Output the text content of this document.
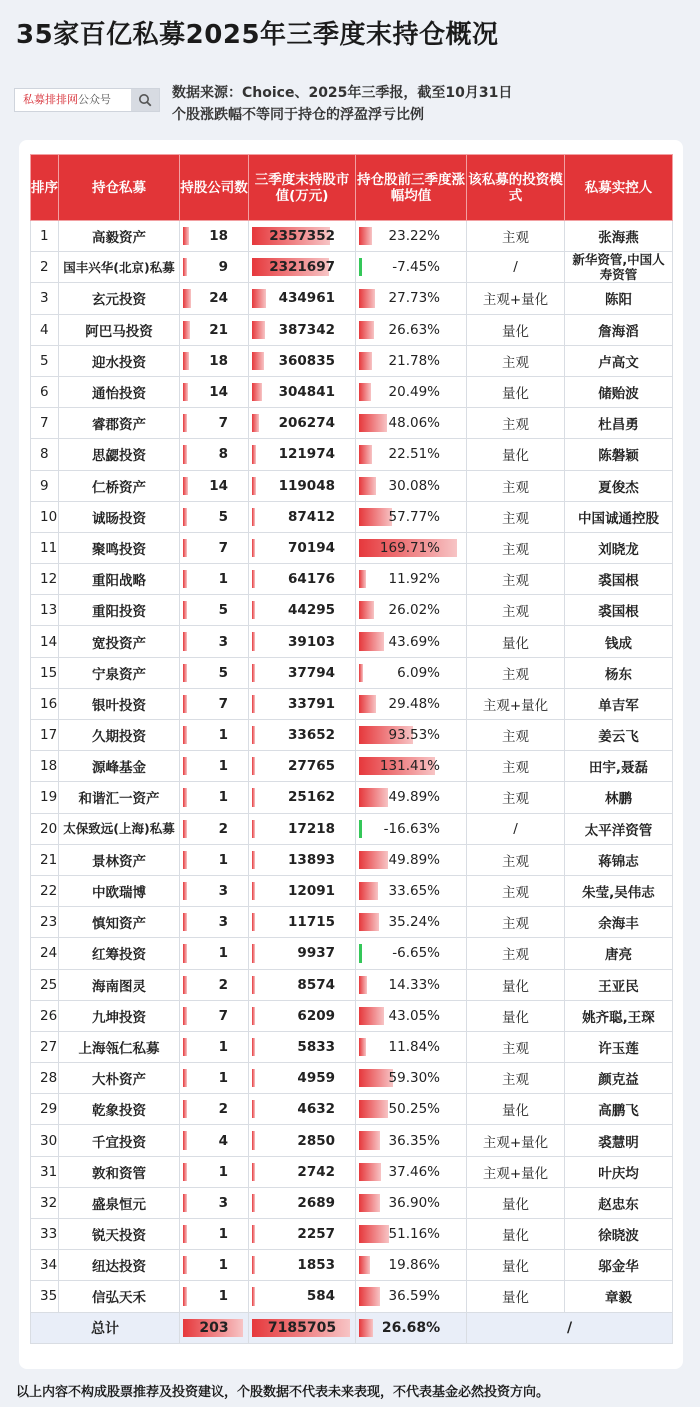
35家百亿私募2025年三季度末持仓概况
私募排排网公众号	数据来源：Choice、2025年三季报，截至10月31日
个股涨跌幅不等同于持仓的浮盈浮亏比例
排序	持仓私募	持股公司数	三季度末持股市值(万元)	持仓股前三季度涨幅均值	该私募的投资模式	私募实控人
1	高毅资产	18	2357352	23.22%	主观	张海燕
2	国丰兴华(北京)私募	9	2321697	-7.45%	/	新华资管,中国人寿资管
3	玄元投资	24	434961	27.73%	主观+量化	陈阳
4	阿巴马投资	21	387342	26.63%	量化	詹海滔
5	迎水投资	18	360835	21.78%	主观	卢高文
6	通怡投资	14	304841	20.49%	量化	储贻波
7	睿郡资产	7	206274	48.06%	主观	杜昌勇
8	思勰投资	8	121974	22.51%	量化	陈磐颖
9	仁桥资产	14	119048	30.08%	主观	夏俊杰
10	诚旸投资	5	87412	57.77%	主观	中国诚通控股
11	聚鸣投资	7	70194	169.71%	主观	刘晓龙
12	重阳战略	1	64176	11.92%	主观	裘国根
13	重阳投资	5	44295	26.02%	主观	裘国根
14	宽投资产	3	39103	43.69%	量化	钱成
15	宁泉资产	5	37794	6.09%	主观	杨东
16	银叶投资	7	33791	29.48%	主观+量化	单吉军
17	久期投资	1	33652	93.53%	主观	姜云飞
18	源峰基金	1	27765	131.41%	主观	田宇,聂磊
19	和谐汇一资产	1	25162	49.89%	主观	林鹏
20	太保致远(上海)私募	2	17218	-16.63%	/	太平洋资管
21	景林资产	1	13893	49.89%	主观	蒋锦志
22	中欧瑞博	3	12091	33.65%	主观	朱莹,吴伟志
23	慎知资产	3	11715	35.24%	主观	余海丰
24	红筹投资	1	9937	-6.65%	主观	唐亮
25	海南图灵	2	8574	14.33%	量化	王亚民
26	九坤投资	7	6209	43.05%	量化	姚齐聪,王琛
27	上海瓴仁私募	1	5833	11.84%	主观	许玉莲
28	大朴资产	1	4959	59.30%	主观	颜克益
29	乾象投资	2	4632	50.25%	量化	高鹏飞
30	千宜投资	4	2850	36.35%	主观+量化	裘慧明
31	敦和资管	1	2742	37.46%	主观+量化	叶庆均
32	盛泉恒元	3	2689	36.90%	量化	赵忠东
33	锐天投资	1	2257	51.16%	量化	徐晓波
34	纽达投资	1	1853	19.86%	量化	邬金华
35	信弘天禾	1	584	36.59%	量化	章毅
总计		203	7185705	26.68%	/	
以上内容不构成股票推荐及投资建议，个股数据不代表未来表现，不代表基金必然投资方向。
